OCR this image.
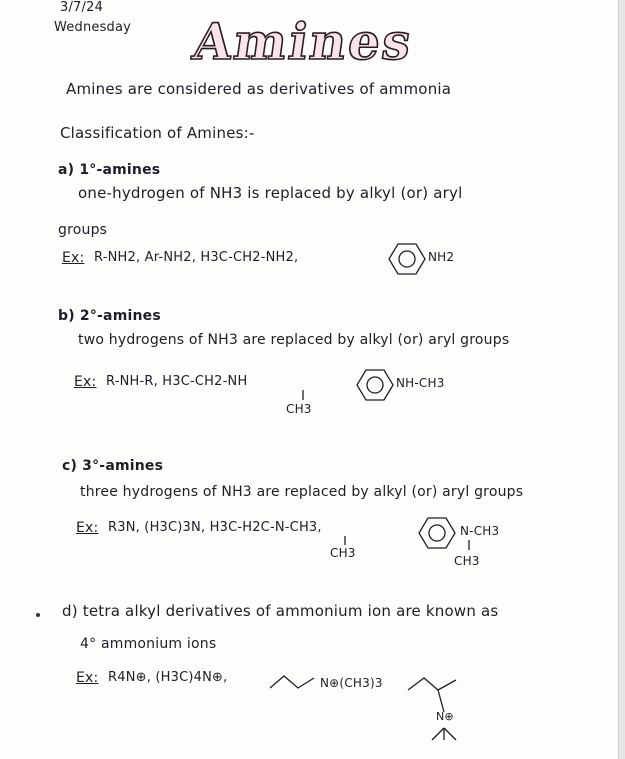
3/7/24
Wednesday Amines
Amines are considered as derivatives of ammonia
Classification of Amines:-
a) 1°-amines
one-hydrogen of NH3 is replaced by alkyl (or) aryl
groups
Ex: R-NH2, Ar-NH2, H3C-CH2-NH2,	NH2
b) 2°-amines
two hydrogens of NH3 are replaced by alkyl (or) aryl groups
Ex: R-NH-R, H3C-CH2-NH
CH3
NH-CH3
c) 3°-amines
three hydrogens of NH3 are replaced by alkyl (or) aryl groups
Ex: R3N, (H3C)3N, H3C-H2C-N-CH3,
CH3
N-CH3
CH3
d) tetra alkyl derivatives of ammonium ion are known as
4° ammonium ions
Ex: R4N⊕, (H3C)4N⊕,	N⊕(CH3)3
N⊕
